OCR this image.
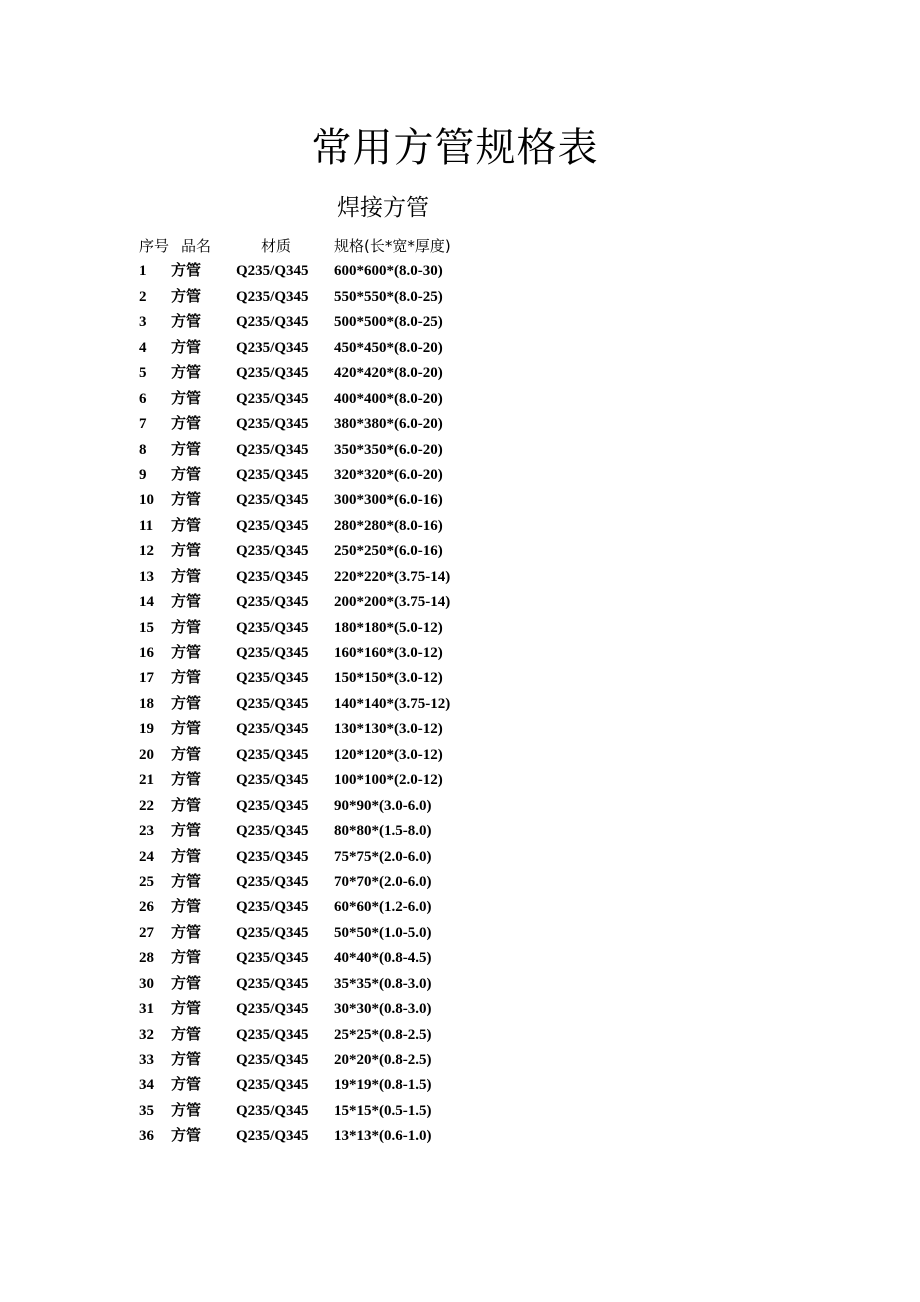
常用方管规格表
焊接方管
序号 品名	材质	规格(长*宽*厚度)
1 方管 Q235/Q345 600*600*(8.0-30)
2 方管 Q235/Q345 550*550*(8.0-25)
3 方管 Q235/Q345 500*500*(8.0-25)
4 方管 Q235/Q345 450*450*(8.0-20)
5 方管 Q235/Q345 420*420*(8.0-20)
6 方管 Q235/Q345 400*400*(8.0-20)
7 方管 Q235/Q345 380*380*(6.0-20)
8 方管 Q235/Q345 350*350*(6.0-20)
9 方管 Q235/Q345 320*320*(6.0-20)
10 方管 Q235/Q345 300*300*(6.0-16)
11 方管 Q235/Q345 280*280*(8.0-16)
12 方管 Q235/Q345 250*250*(6.0-16)
13 方管 Q235/Q345 220*220*(3.75-14)
14 方管 Q235/Q345 200*200*(3.75-14)
15 方管 Q235/Q345 180*180*(5.0-12)
16 方管 Q235/Q345 160*160*(3.0-12)
17 方管 Q235/Q345 150*150*(3.0-12)
18 方管 Q235/Q345 140*140*(3.75-12)
19 方管 Q235/Q345 130*130*(3.0-12)
20 方管 Q235/Q345 120*120*(3.0-12)
21 方管 Q235/Q345 100*100*(2.0-12)
22 方管 Q235/Q345 90*90*(3.0-6.0)
23 方管 Q235/Q345 80*80*(1.5-8.0)
24 方管 Q235/Q345 75*75*(2.0-6.0)
25 方管 Q235/Q345 70*70*(2.0-6.0)
26 方管 Q235/Q345 60*60*(1.2-6.0)
27 方管 Q235/Q345 50*50*(1.0-5.0)
28 方管 Q235/Q345 40*40*(0.8-4.5)
30 方管 Q235/Q345 35*35*(0.8-3.0)
31 方管 Q235/Q345 30*30*(0.8-3.0)
32 方管 Q235/Q345 25*25*(0.8-2.5)
33 方管 Q235/Q345 20*20*(0.8-2.5)
34 方管 Q235/Q345 19*19*(0.8-1.5)
35 方管 Q235/Q345 15*15*(0.5-1.5)
36 方管 Q235/Q345 13*13*(0.6-1.0)
